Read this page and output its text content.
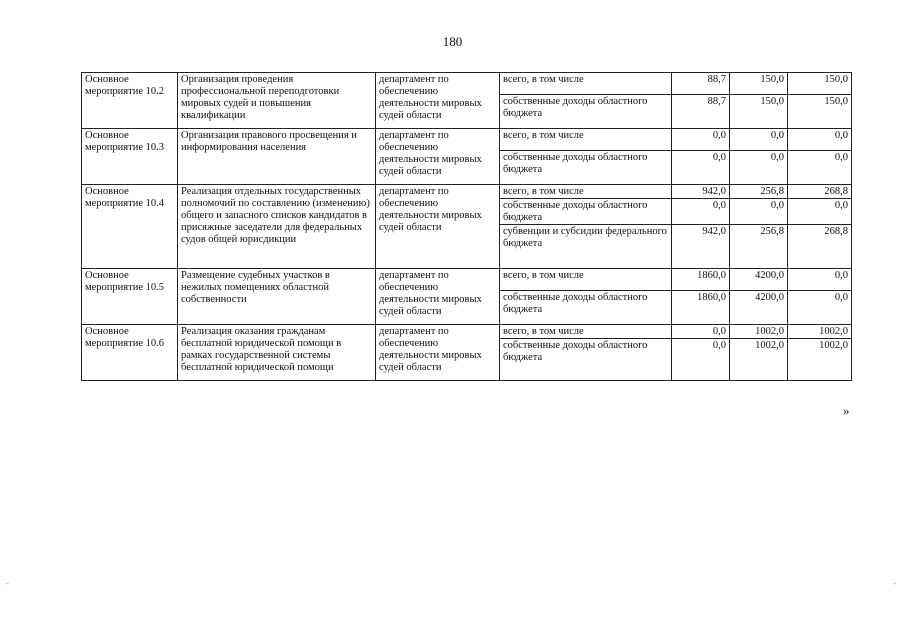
180
Основное мероприятие 10.2	Организация проведения профессиональной переподготовки мировых судей и повышения квалификации	департамент по обеспечению деятельности мировых судей области	всего, в том числе	88,7	150,0	150,0
			собственные доходы областного бюджета	88,7	150,0	150,0
Основное мероприятие 10.3	Организация правового просвещения и информирования населения	департамент по обеспечению деятельности мировых судей области	всего, в том числе	0,0	0,0	0,0
			собственные доходы областного бюджета	0,0	0,0	0,0
Основное мероприятие 10.4	Реализация отдельных государственных полномочий по составлению (изменению) общего и запасного списков кандидатов в присяжные заседатели для федеральных судов общей юрисдикции	департамент по обеспечению деятельности мировых судей области	всего, в том числе	942,0	256,8	268,8
			собственные доходы областного бюджета	0,0	0,0	0,0
			субвенции и субсидии федерального бюджета	942,0	256,8	268,8
Основное мероприятие 10.5	Размещение судебных участков в нежилых помещениях областной собственности	департамент по обеспечению деятельности мировых судей области	всего, в том числе	1860,0	4200,0	0,0
			собственные доходы областного бюджета	1860,0	4200,0	0,0
Основное мероприятие 10.6	Реализация оказания гражданам бесплатной юридической помощи в рамках государственной системы бесплатной юридической помощи	департамент по обеспечению деятельности мировых судей области	всего, в том числе	0,0	1002,0	1002,0
			собственные доходы областного бюджета	0,0	1002,0	1002,0
»
-	-
